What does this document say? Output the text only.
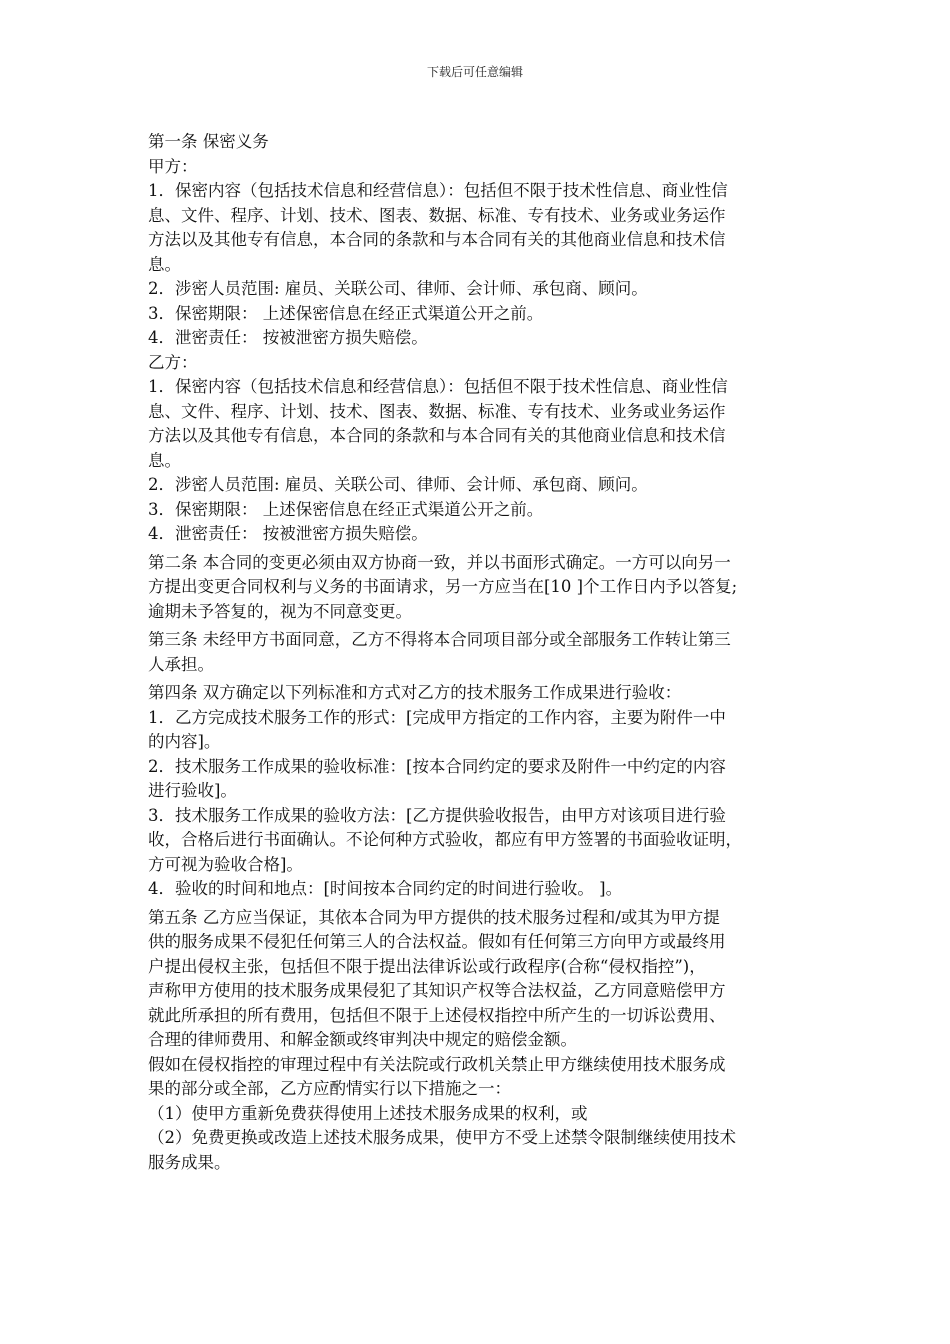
下载后可任意编辑

第一条 保密义务

甲方：

1．保密内容（包括技术信息和经营信息）：包括但不限于技术性信息、商业性信

息、文件、程序、计划、技术、图表、数据、标准、专有技术、业务或业务运作

方法以及其他专有信息，本合同的条款和与本合同有关的其他商业信息和技术信

息。

2．涉密人员范围: 雇员、关联公司、律师、会计师、承包商、顾问。

3．保密期限： 上述保密信息在经正式渠道公开之前。

4．泄密责任： 按被泄密方损失赔偿。

乙方：

1．保密内容（包括技术信息和经营信息）：包括但不限于技术性信息、商业性信

息、文件、程序、计划、技术、图表、数据、标准、专有技术、业务或业务运作

方法以及其他专有信息，本合同的条款和与本合同有关的其他商业信息和技术信

息。

2．涉密人员范围: 雇员、关联公司、律师、会计师、承包商、顾问。

3．保密期限： 上述保密信息在经正式渠道公开之前。

4．泄密责任： 按被泄密方损失赔偿。

第二条 本合同的变更必须由双方协商一致，并以书面形式确定。一方可以向另一

方提出变更合同权利与义务的书面请求，另一方应当在[10 ]个工作日内予以答复;

逾期未予答复的，视为不同意变更。

第三条 未经甲方书面同意，乙方不得将本合同项目部分或全部服务工作转让第三

人承担。

第四条 双方确定以下列标准和方式对乙方的技术服务工作成果进行验收：

1．乙方完成技术服务工作的形式：[完成甲方指定的工作内容，主要为附件一中

的内容]。

2．技术服务工作成果的验收标准：[按本合同约定的要求及附件一中约定的内容

进行验收]。

3．技术服务工作成果的验收方法：[乙方提供验收报告，由甲方对该项目进行验

收，合格后进行书面确认。不论何种方式验收，都应有甲方签署的书面验收证明，

方可视为验收合格]。

4．验收的时间和地点：[时间按本合同约定的时间进行验收。 ]。

第五条 乙方应当保证，其依本合同为甲方提供的技术服务过程和/或其为甲方提

供的服务成果不侵犯任何第三人的合法权益。假如有任何第三方向甲方或最终用

户提出侵权主张，包括但不限于提出法律诉讼或行政程序(合称“侵权指控”)，

声称甲方使用的技术服务成果侵犯了其知识产权等合法权益，乙方同意赔偿甲方

就此所承担的所有费用，包括但不限于上述侵权指控中所产生的一切诉讼费用、

合理的律师费用、和解金额或终审判决中规定的赔偿金额。

假如在侵权指控的审理过程中有关法院或行政机关禁止甲方继续使用技术服务成

果的部分或全部，乙方应酌情实行以下措施之一：

（1）使甲方重新免费获得使用上述技术服务成果的权利，或

（2）免费更换或改造上述技术服务成果，使甲方不受上述禁令限制继续使用技术

服务成果。
